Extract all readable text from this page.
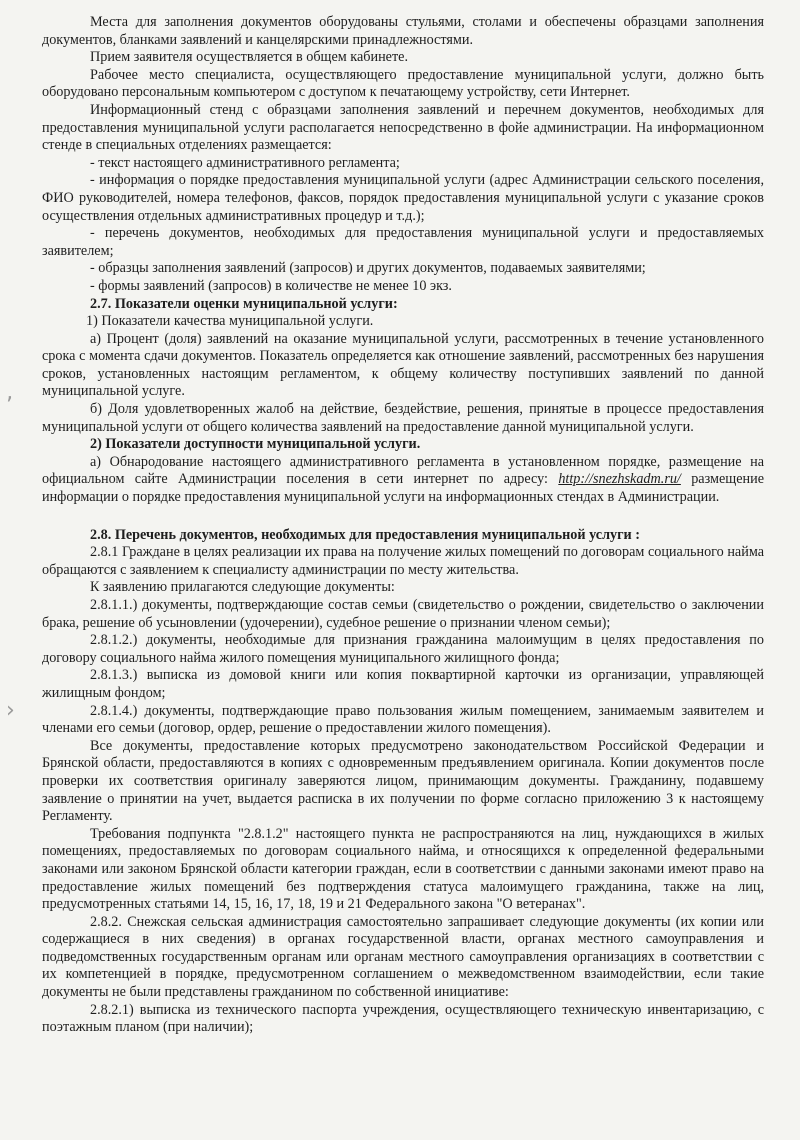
‚
›

Места для заполнения документов оборудованы стульями, столами и обеспечены образцами заполнения документов, бланками заявлений и канцелярскими принадлежностями.

Прием заявителя осуществляется в общем кабинете.

Рабочее место специалиста, осуществляющего предоставление муниципальной услуги, должно быть оборудовано персональным компьютером с доступом к печатающему устройству, сети Интернет.

Информационный стенд с образцами заполнения заявлений и перечнем документов, необходимых для предоставления муниципальной услуги располагается непосредственно в фойе администрации. На информационном стенде в специальных отделениях размещается:

- текст настоящего административного регламента;

- информация о порядке предоставления муниципальной услуги (адрес Администрации сельского поселения, ФИО руководителей, номера телефонов, факсов, порядок предоставления муниципальной услуги с указание сроков осуществления отдельных административных процедур и т.д.);

- перечень документов, необходимых для предоставления муниципальной услуги и предоставляемых заявителем;

- образцы заполнения заявлений (запросов) и других документов, подаваемых заявителями;

- формы заявлений (запросов) в количестве не менее 10 экз.

2.7. Показатели оценки муниципальной услуги:

1) Показатели качества муниципальной услуги.

а) Процент (доля) заявлений на оказание муниципальной услуги, рассмотренных в течение установленного срока с момента сдачи документов. Показатель определяется как отношение заявлений, рассмотренных без нарушения сроков, установленных настоящим регламентом, к общему количеству поступивших заявлений по данной муниципальной услуге.

б) Доля удовлетворенных жалоб на действие, бездействие, решения, принятые в процессе предоставления муниципальной услуги от общего количества заявлений на предоставление данной муниципальной услуги.

2) Показатели доступности муниципальной услуги.

а) Обнародование настоящего административного регламента в установленном порядке, размещение на официальном сайте Администрации поселения в сети интернет по адресу: http://snezhskadm.ru/ размещение информации о порядке предоставления муниципальной услуги на информационных стендах в Администрации.

2.8. Перечень документов, необходимых для предоставления муниципальной услуги :

2.8.1 Граждане в целях реализации их права на получение жилых помещений по договорам социального найма обращаются с заявлением к специалисту администрации по месту жительства.

К заявлению прилагаются следующие документы:

2.8.1.1.) документы, подтверждающие состав семьи (свидетельство о рождении, свидетельство о заключении брака, решение об усыновлении (удочерении), судебное решение о признании членом семьи);

2.8.1.2.) документы, необходимые для признания гражданина малоимущим в целях предоставления по договору социального найма жилого помещения муниципального жилищного фонда;

2.8.1.3.) выписка из домовой книги или копия поквартирной карточки из организации, управляющей жилищным фондом;

2.8.1.4.) документы, подтверждающие право пользования жилым помещением, занимаемым заявителем и членами его семьи (договор, ордер, решение о предоставлении жилого помещения).

Все документы, предоставление которых предусмотрено законодательством Российской Федерации и Брянской области, предоставляются в копиях с одновременным предъявлением оригинала. Копии документов после проверки их соответствия оригиналу заверяются лицом, принимающим документы. Гражданину, подавшему заявление о принятии на учет, выдается расписка в их получении по форме согласно приложению 3 к настоящему Регламенту.

Требования подпункта "2.8.1.2" настоящего пункта не распространяются на лиц, нуждающихся в жилых помещениях, предоставляемых по договорам социального найма, и относящихся к определенной федеральными законами или законом Брянской области категории граждан, если в соответствии с данными законами имеют право на предоставление жилых помещений без подтверждения статуса малоимущего гражданина, также на лиц, предусмотренных статьями 14, 15, 16, 17, 18, 19 и 21 Федерального закона "О ветеранах".

2.8.2. Снежская сельская администрация самостоятельно запрашивает следующие документы (их копии или содержащиеся в них сведения) в органах государственной власти, органах местного самоуправления и подведомственных государственным органам или органам местного самоуправления организациях в соответствии с их компетенцией в порядке, предусмотренном соглашением о межведомственном взаимодействии, если такие документы не были представлены гражданином по собственной инициативе:

2.8.2.1) выписка из технического паспорта учреждения, осуществляющего техническую инвентаризацию, с поэтажным планом (при наличии);
